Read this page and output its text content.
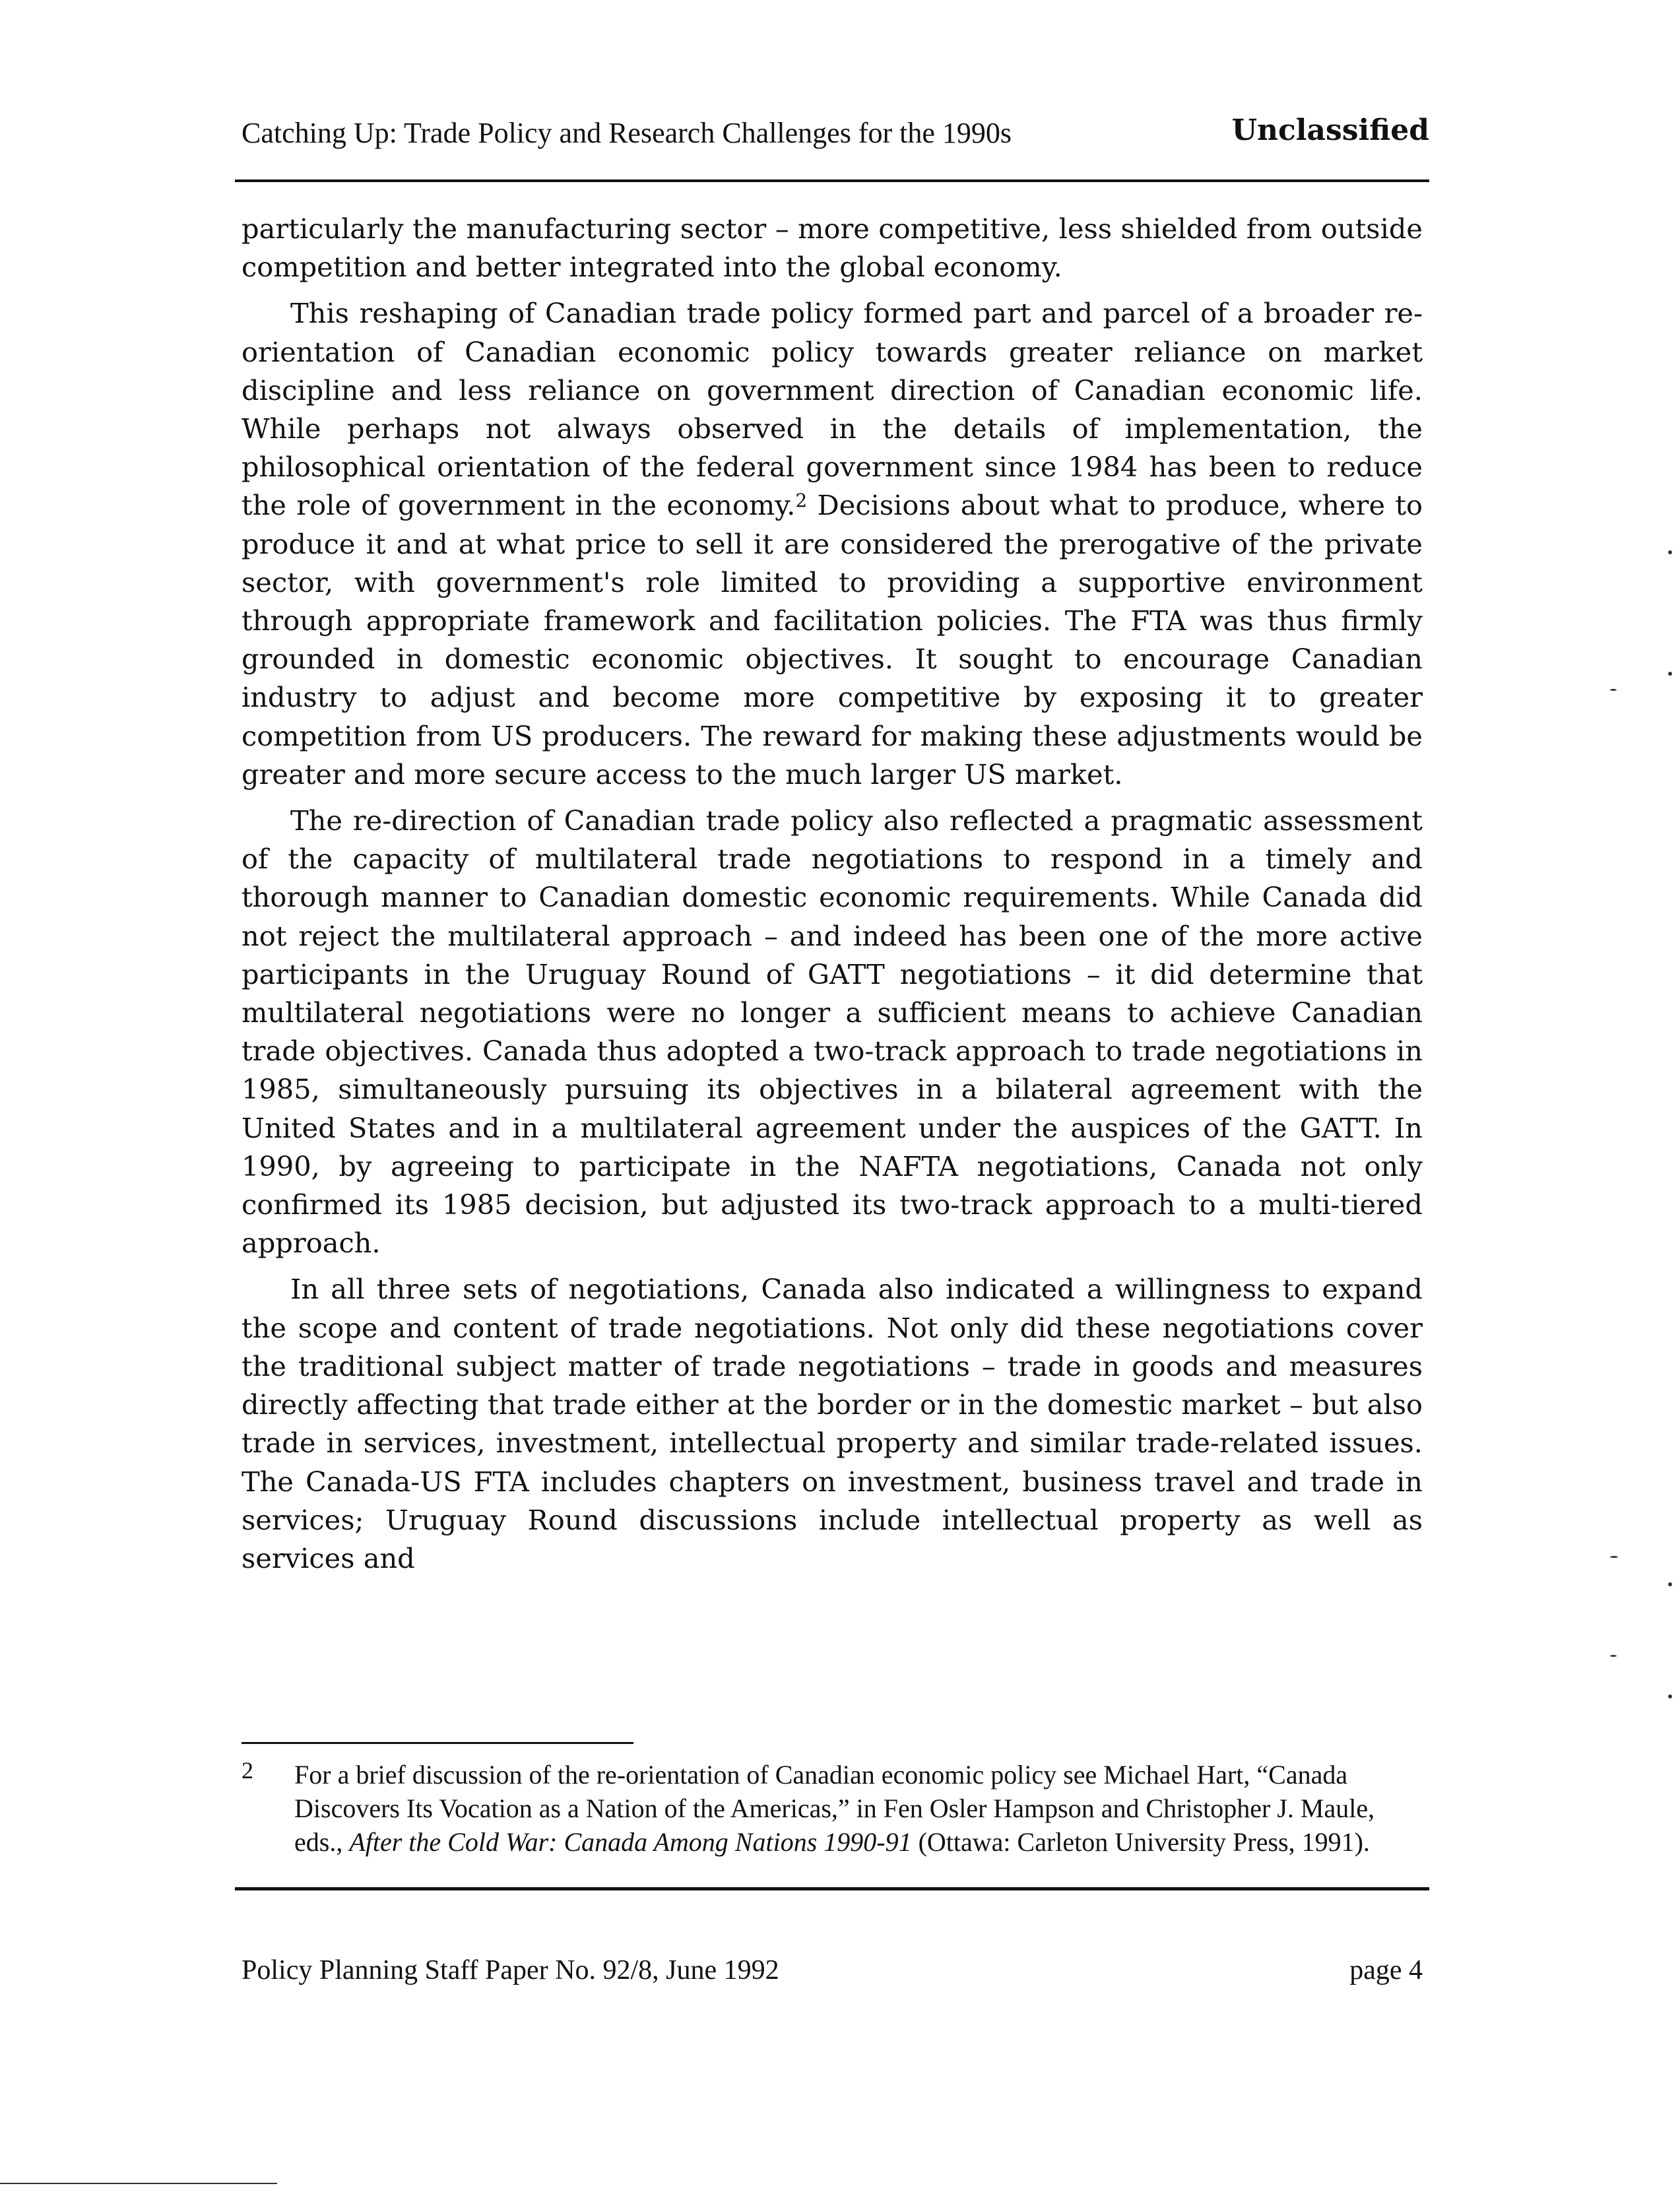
Catching Up: Trade Policy and Research Challenges for the 1990s	Unclassified

particularly the manufacturing sector – more competitive, less shielded from outside competition and better integrated into the global economy.

This reshaping of Canadian trade policy formed part and parcel of a broader re-orientation of Canadian economic policy towards greater reliance on market discipline and less reliance on government direction of Canadian economic life. While perhaps not always observed in the details of implementation, the philosophical orientation of the federal government since 1984 has been to reduce the role of government in the economy.$^2$ Decisions about what to produce, where to produce it and at what price to sell it are considered the prerogative of the private sector, with government's role limited to providing a supportive environment through appropriate framework and facilitation policies. The FTA was thus firmly grounded in domestic economic objectives. It sought to encourage Canadian industry to adjust and become more competitive by exposing it to greater competition from US producers. The reward for making these adjustments would be greater and more secure access to the much larger US market.

The re-direction of Canadian trade policy also reflected a pragmatic assessment of the capacity of multilateral trade negotiations to respond in a timely and thorough manner to Canadian domestic economic requirements. While Canada did not reject the multilateral approach – and indeed has been one of the more active participants in the Uruguay Round of GATT negotiations – it did determine that multilateral negotiations were no longer a sufficient means to achieve Canadian trade objectives. Canada thus adopted a two-track approach to trade negotiations in 1985, simultaneously pursuing its objectives in a bilateral agreement with the United States and in a multilateral agreement under the auspices of the GATT. In 1990, by agreeing to participate in the NAFTA negotiations, Canada not only confirmed its 1985 decision, but adjusted its two-track approach to a multi-tiered approach.

In all three sets of negotiations, Canada also indicated a willingness to expand the scope and content of trade negotiations. Not only did these negotiations cover the traditional subject matter of trade negotiations – trade in goods and measures directly affecting that trade either at the border or in the domestic market – but also trade in services, investment, intellectual property and similar trade-related issues. The Canada-US FTA includes chapters on investment, business travel and trade in services; Uruguay Round discussions include intellectual property as well as services and

2 For a brief discussion of the re-orientation of Canadian economic policy see Michael Hart, “Canada Discovers Its Vocation as a Nation of the Americas,” in Fen Osler Hampson and Christopher J. Maule, eds., After the Cold War: Canada Among Nations 1990-91 (Ottawa: Carleton University Press, 1991).
Policy Planning Staff Paper No. 92/8, June 1992	page 4
